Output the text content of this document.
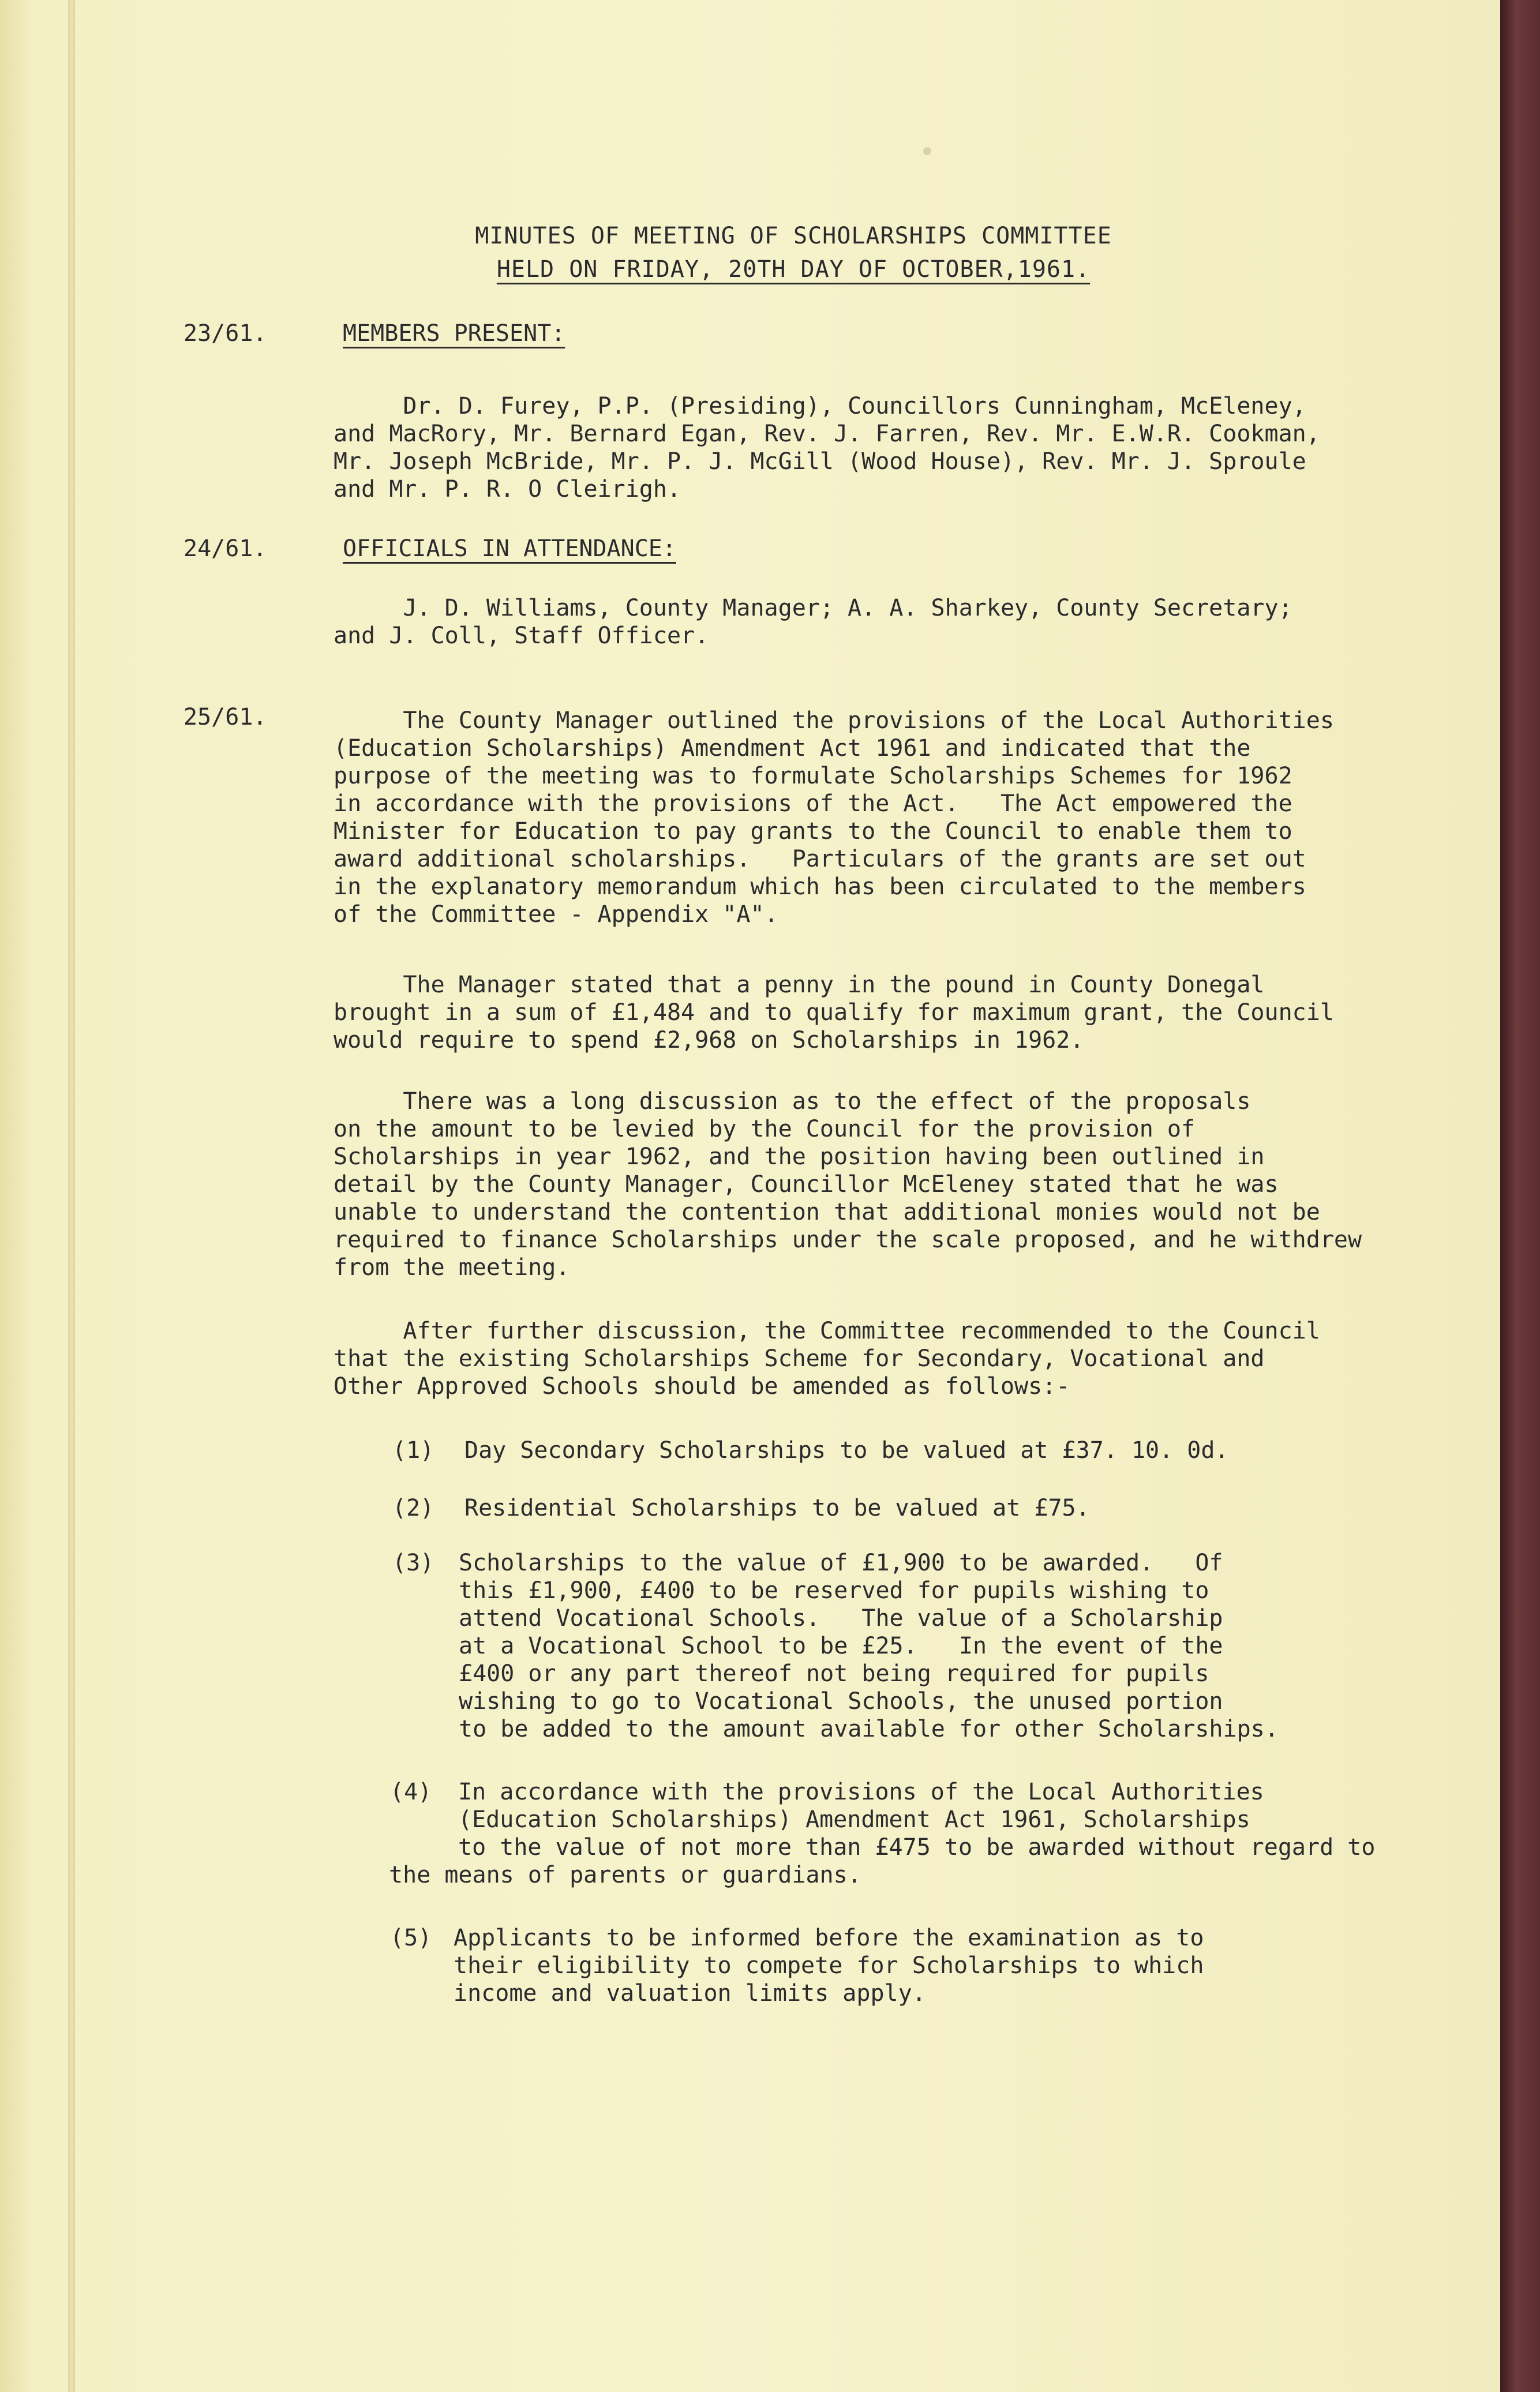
MINUTES OF MEETING OF SCHOLARSHIPS COMMITTEE
HELD ON FRIDAY, 20TH DAY OF OCTOBER,1961.
23/61.	MEMBERS PRESENT:
Dr. D. Furey, P.P. (Presiding), Councillors Cunningham, McEleney,
and MacRory, Mr. Bernard Egan, Rev. J. Farren, Rev. Mr. E.W.R. Cookman,
Mr. Joseph McBride, Mr. P. J. McGill (Wood House), Rev. Mr. J. Sproule
and Mr. P. R. O Cleirigh.
24/61.	OFFICIALS IN ATTENDANCE:
J. D. Williams, County Manager; A. A. Sharkey, County Secretary;
and J. Coll, Staff Officer.
25/61.	The County Manager outlined the provisions of the Local Authorities
(Education Scholarships) Amendment Act 1961 and indicated that the
purpose of the meeting was to formulate Scholarships Schemes for 1962
in accordance with the provisions of the Act.   The Act empowered the
Minister for Education to pay grants to the Council to enable them to
award additional scholarships.   Particulars of the grants are set out
in the explanatory memorandum which has been circulated to the members
of the Committee - Appendix "A".
The Manager stated that a penny in the pound in County Donegal
brought in a sum of £1,484 and to qualify for maximum grant, the Council
would require to spend £2,968 on Scholarships in 1962.
There was a long discussion as to the effect of the proposals
on the amount to be levied by the Council for the provision of
Scholarships in year 1962, and the position having been outlined in
detail by the County Manager, Councillor McEleney stated that he was
unable to understand the contention that additional monies would not be
required to finance Scholarships under the scale proposed, and he withdrew
from the meeting.
After further discussion, the Committee recommended to the Council
that the existing Scholarships Scheme for Secondary, Vocational and
Other Approved Schools should be amended as follows:-
(1) Day Secondary Scholarships to be valued at £37. 10. 0d.
(2) Residential Scholarships to be valued at £75.
(3) Scholarships to the value of £1,900 to be awarded.   Of
this £1,900, £400 to be reserved for pupils wishing to
attend Vocational Schools.   The value of a Scholarship
at a Vocational School to be £25.   In the event of the
£400 or any part thereof not being required for pupils
wishing to go to Vocational Schools, the unused portion
to be added to the amount available for other Scholarships.
(4) In accordance with the provisions of the Local Authorities
(Education Scholarships) Amendment Act 1961, Scholarships
to the value of not more than £475 to be awarded without regard to
the means of parents or guardians.
(5) Applicants to be informed before the examination as to
their eligibility to compete for Scholarships to which
income and valuation limits apply.
